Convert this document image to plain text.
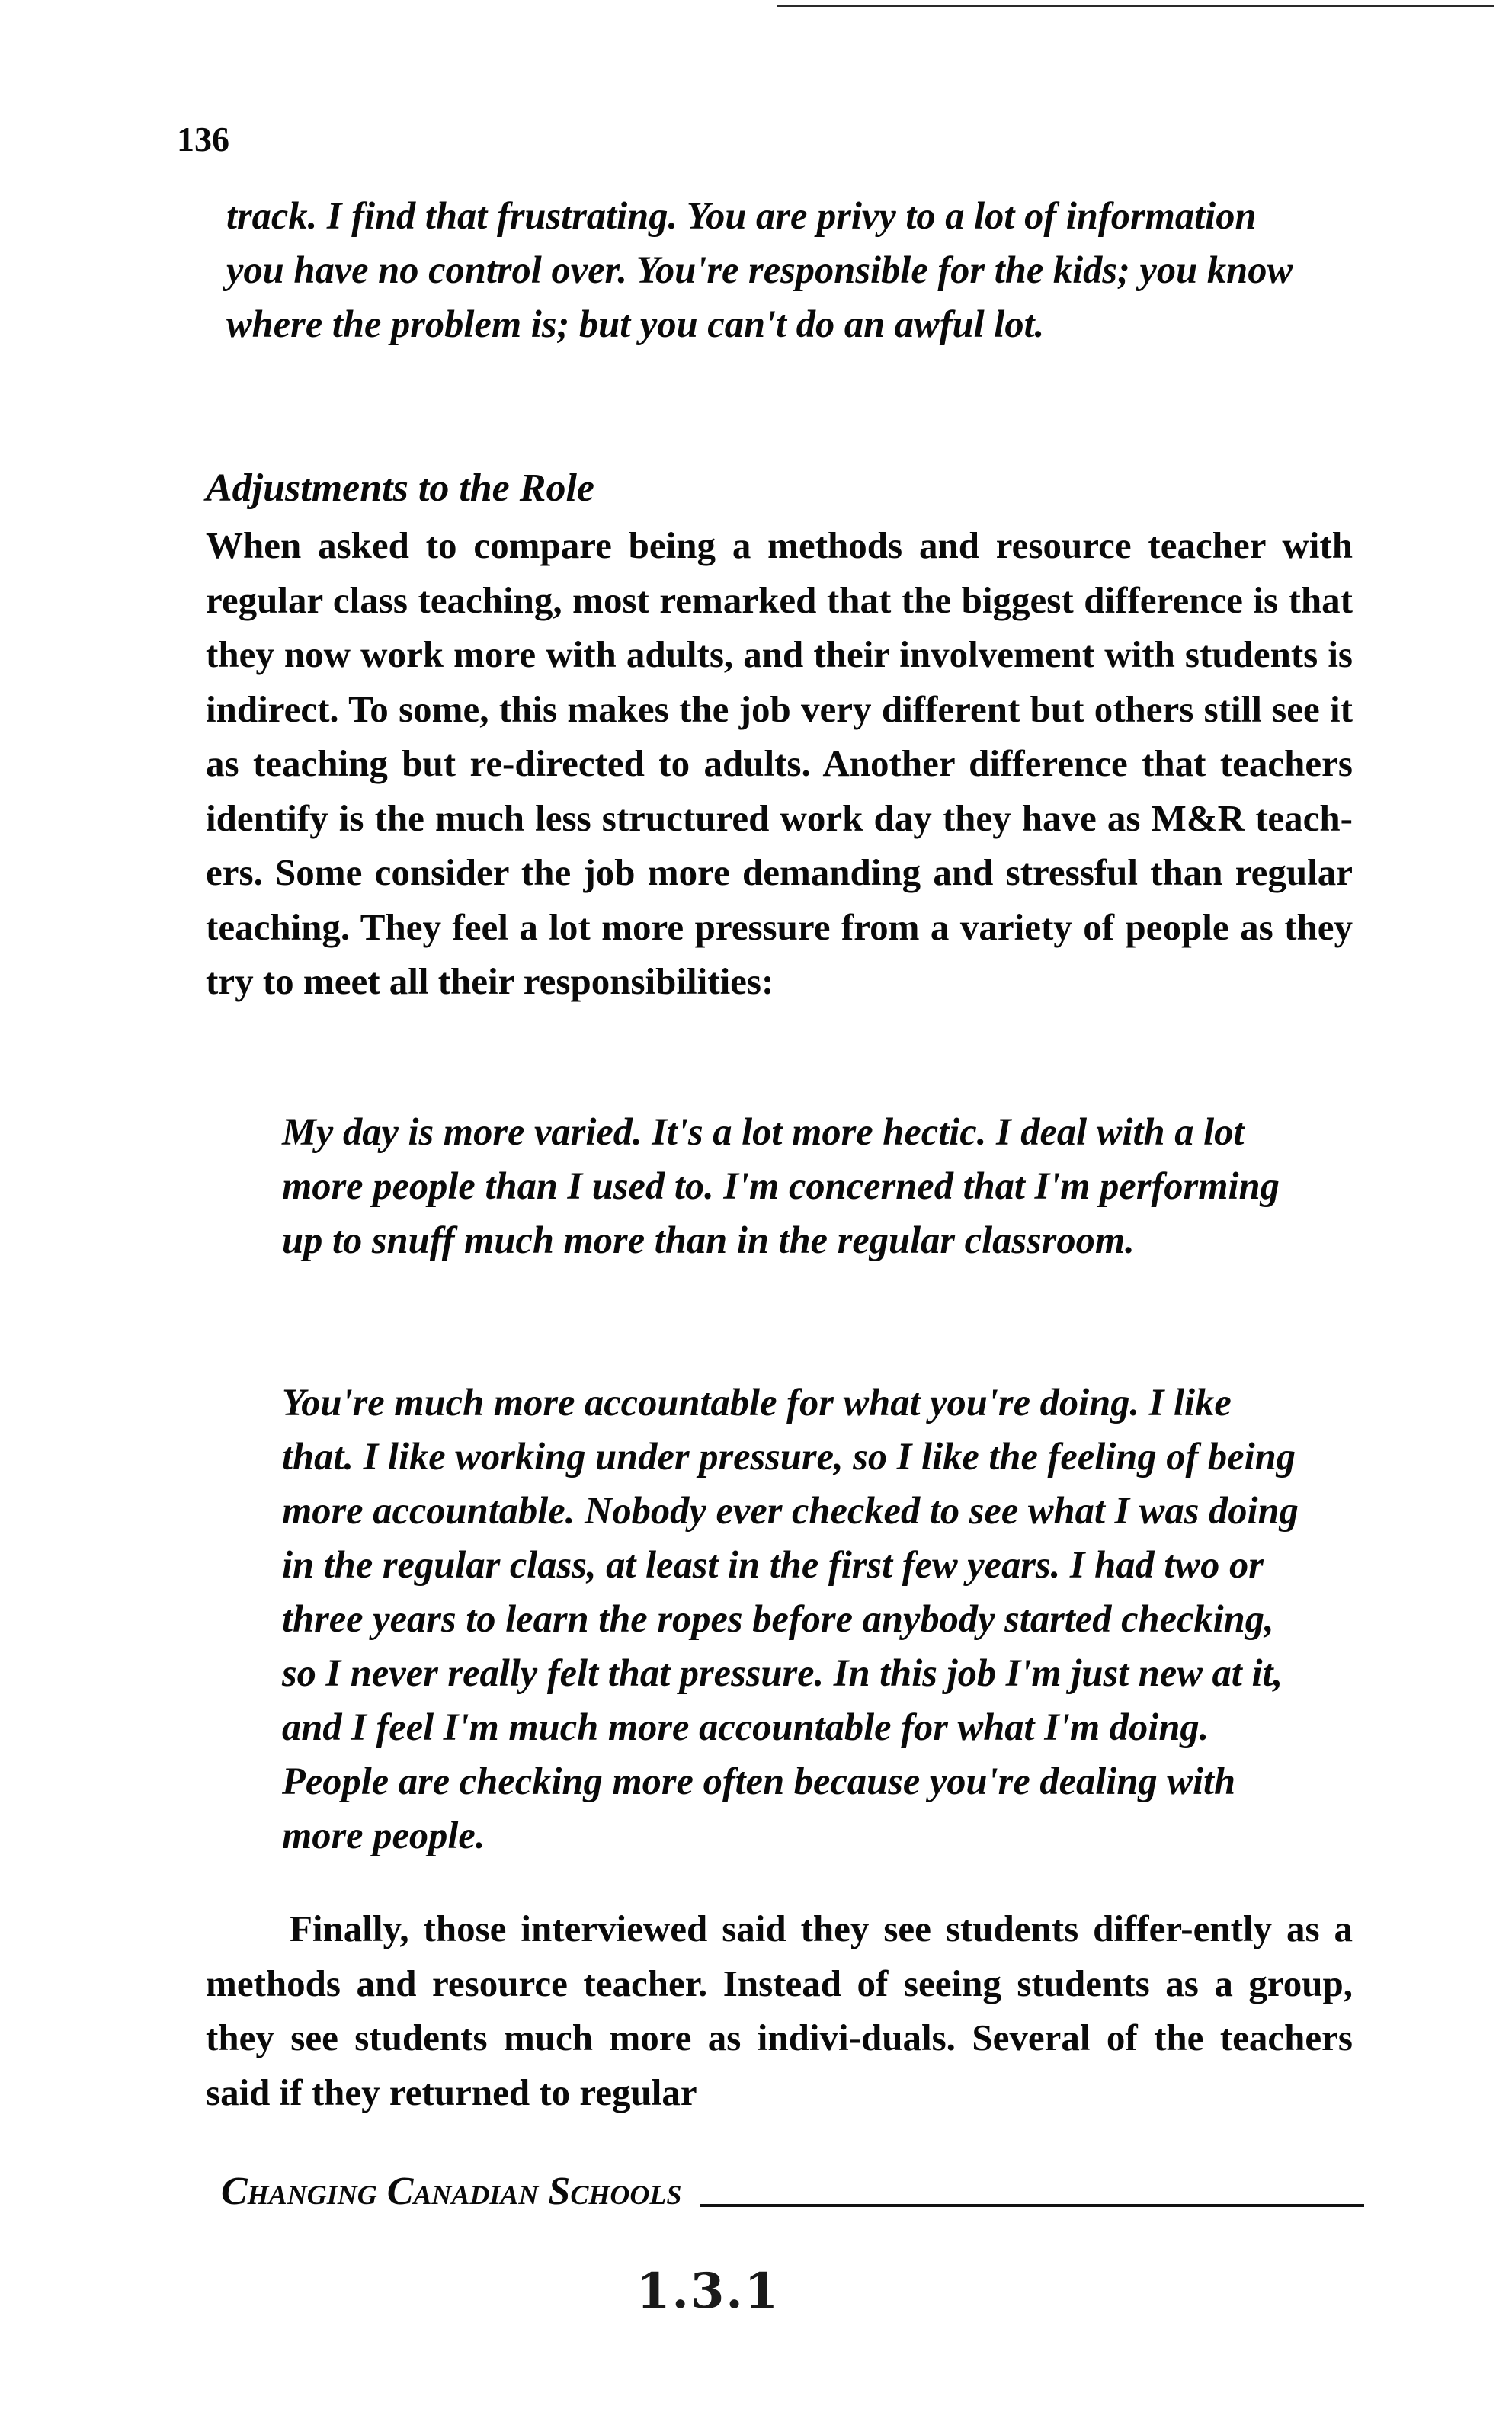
136

track. I find that frustrating. You are privy to a lot of information you have no control over. You're responsible for the kids; you know where the problem is; but you can't do an awful lot.

Adjustments to the Role

When asked to compare being a methods and resource teacher with regular class teaching, most remarked that the biggest difference is that they now work more with adults, and their involvement with students is indirect. To some, this makes the job very different but others still see it as teaching but re-directed to adults. Another difference that teachers identify is the much less structured work day they have as M&R teach-ers. Some consider the job more demanding and stressful than regular teaching. They feel a lot more pressure from a variety of people as they try to meet all their responsibilities:

My day is more varied. It's a lot more hectic. I deal with a lot more people than I used to. I'm concerned that I'm performing up to snuff much more than in the regular classroom.

You're much more accountable for what you're doing. I like that. I like working under pressure, so I like the feeling of being more accountable. Nobody ever checked to see what I was doing in the regular class, at least in the first few years. I had two or three years to learn the ropes before anybody started checking, so I never really felt that pressure. In this job I'm just new at it, and I feel I'm much more accountable for what I'm doing. People are checking more often because you're dealing with more people.

Finally, those interviewed said they see students differ-ently as a methods and resource teacher. Instead of seeing students as a group, they see students much more as indivi-duals. Several of the teachers said if they returned to regular

Changing Canadian Schools
1.3.1
